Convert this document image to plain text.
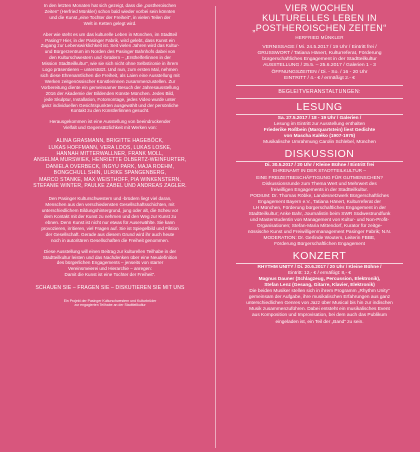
In den letzten Monaten hat sich gezeigt, dass die „postheroischen

Zeiten“ (Herfried Münkler) schon bald wieder vorbei sein könnten

und die Kunst „eine Tochter der Freiheit“, in vielen Teilen der

Welt in Ketten gelegt wird.

Aber wie steht es um das kulturelle Leben in München, im Stadtteil

Pasing? Hier, in der Pasinger Fabrik, wird gelebt, dass Kunst ein

Zugang zur Lebenswirklichkeit ist. Seit vielen Jahren wird das Kultur-

und Bürgerzentrum im Norden des Pasinger Bahnhofs dabei von

den Kulturschwestern und -brüdern – „Ersthelferlinnen in der

Mission Stadtteilkultur“, wie sie sich nicht ohne Selbstironie in ihrem

Logo präsentieren – unterstützt. Und nun, zum ersten Mal, nehmen

sich diese Ehrenamtlichen die Freiheit, als Laien eine Ausstellung mit

Werken zeitgenössischer Künstlerinnen zusammenzustellen. Zur

Vorbereitung diente ein gemeinsamer Besuch der Jahresausstellung

2016 der Akademie der Bildenden Künste München. Jedes Bild,

jede Skulptur, Installation, Fotomontage, jedes Video wurde unter

ganz individuellen Gesichtspunkten ausgewählt und der persönliche

Kontakt zu den Künstlerlinnen gesucht.

Herausgekommen ist eine Ausstellung von beeindruckender

Vielfalt und Gegensätzlichkeit mit Werken von:

ALINA GRASMANN, BRIGITTE HAGEBÖCK,

LUKAS HOFFMANN, VERA LOOS, LUKAS LOSKE,

HANNAH MITTERWALLNER, FRANK MOLL,

ANSELMA MURSWIEK, HENRIETTE OLBERTZ-WEINFURTER,

DANIELA OVERBECK, INGYU PARK, MAJA ROEHM,

BONGCHULL SHIN, ULRIKE SPANGENBERG,

MARCO STANKE, MAX WEISTHOFF, PIA WINKENSTERN,

STEFANIE WINTER, PAULKE ZABEL UND ANDREAS ZAGLER.

Den Pasinger Kulturschwestern und -brüdern liegt viel daran,

Menschen aus den verschiedensten Gesellschaftsschichten, mit

unterschiedlichem Bildungshintergrund, jung oder alt, die Scheu vor

dem Kontakt mit der Kunst zu nehmen und den Weg zur Kunst zu

ebnen. Denn Kunst ist nicht nur etwas für Auserwählte. Sie kann

provozieren, irritieren, viel Fragen auf. Sie ist Spiegelbild und Fiktion

der Gesellschaft. Gerade aus diesem Grund wird ihr auch heute

noch in autoritären Gesellschaften die Freiheit genommen.

Diese Ausstellung will einen Beitrag zur kulturellen Teilhabe in der

Stadtteilkultur leisten und das Nachdenken über eine Neudefinition

des bürgerlichen Engagements – jenseits von starrer

Vereinsmeierei und Hierarchie – anregen:

Damit die Kunst ist eine Tochter der Freiheit“.

SCHAUEN SIE – FRAGEN SIE – DISKUTIEREN SIE MIT UNS

Ein Projekt der Pasinger Kulturschwestern und Kulturbrüder

zur engagierten Teilhabe an der Stadtteilkultur

VIER WOCHEN

KULTURELLES LEBEN IN

„POSTHEROISCHEN ZEITEN“

HERFRIED MÜNKLER

VERNISSAGE / Mi. 24.5.2017 / 19 Uhr / Eintritt frei /

GRUSSWORT / Tatiana Hänert, Kulturreferat, Förderung

bürgerschaftliches Engagement in der Stadtteilkultur

AUSSTELLUNG / 25.5. – 25.6.2017 / Galerien 1 - 3

ÖFFNUNGSZEITEN / Di. - So. / 16 - 20 Uhr

EINTRITT / 4.- € / ermäßigt 2.- €

BEGLEITVERANSTALTUNGEN:

LESUNG

Sa. 27.5.2017 / 18 - 19 Uhr / Galerien /

Lesung im Eintritt zur Ausstellung enthalten

Friederike Roßbein (Marquartstein) liest Gedichte

von Mascha Kaléko (1907-1975)

Musikalische Umrahmung Carolin Schlebel, München

DISKUSSION

Di. 30.5.2017 / 20 Uhr / Kleine Bühne / Eintritt frei

EHRENAMT IN DER STADTTEILKULTUR –

EINE FREIZEITBESCHÄFTIGUNG FÜR GUTMENSCHEN?

Diskussionsrunde zum Thema Wert und Mehrwert des

freiwilligen Engagements in der Stadtteilkultur.

PODIUM: Dr. Thomas Röbke, Landesnetzwerk Bürgerschaftliches

Engagement Bayern e.V., Tatiana Hänert, Kulturreferat der

LH München, Förderung bürgerschaftliches Engagement in der

Stadtteilkultur; Anke Bahr, Journalistin beim SWR Südwestrundfunk

und Masterstudentin von Management von Kultur- und Non-Profit-

Organisationen; Stefan-Maria Mittendorf, Kurator für zeitge-

nössische Kunst und Freiwilligenmanagement Pasinger Fabrik; N.N.

MODERATION: Dr. Gerlinde Wouters, Leiterin FBBE,

Förderung Bürgerschaftlichen Engagement

KONZERT

RHYTHM UNITY / Di. 20.6.2017 / 20 Uhr / Kleine Bühne /

Eintritt: 12,- € / ermäßigt: 8,- €

Magnus Dauner (Schlagzeug, Percussion, Elektronik),

Stefan Lenz (Gesang, Gitarre, Klavier, Elektronik)

Die beiden Musiker stellen sich in ihrem Programm „Rhythm Unity“

gemeinsam der Aufgabe, ihre musikalischen Erfahrungen aus ganz

unterschiedlichen Genres von Jazz über Musical bis hin zur indischen

Musik zusammenzuführen. Dabei entsteht ein musikalisches Event

aus Komposition und Improvisation, bei dem auch das Publikum

eingeladen ist, ein Teil der „Band“ zu sein.
